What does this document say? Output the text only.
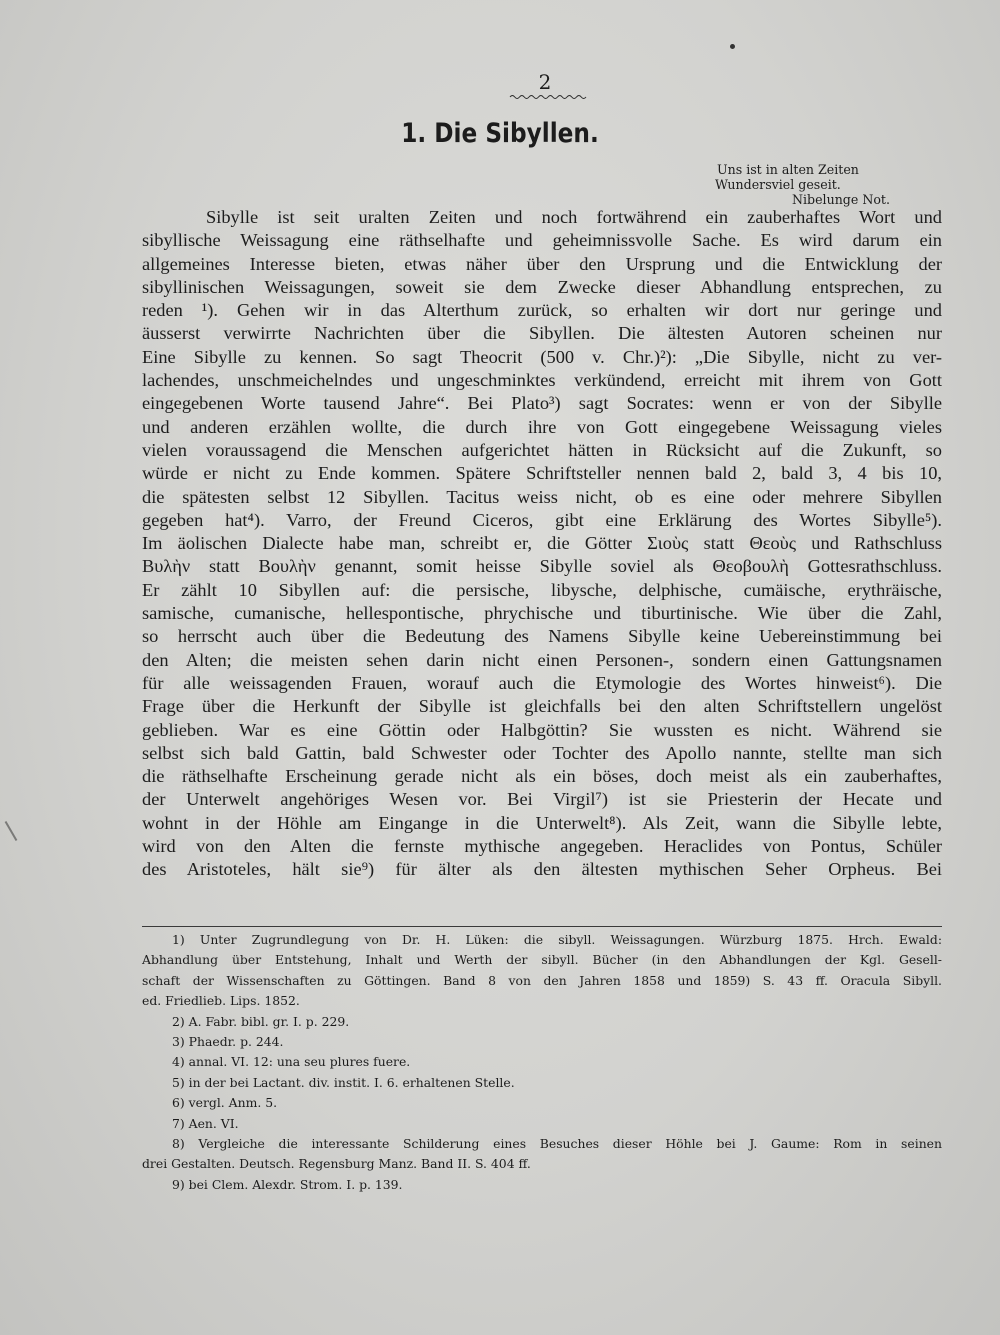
2
1. Die Sibyllen.
Uns ist in alten Zeiten
Wundersviel geseit.
Nibelunge Not.
Sibylle ist seit uralten Zeiten und noch fortwährend ein zauberhaftes Wort und
sibyllische Weissagung eine räthselhafte und geheimnissvolle Sache. Es wird darum ein
allgemeines Interesse bieten, etwas näher über den Ursprung und die Entwicklung der
sibyllinischen Weissagungen, soweit sie dem Zwecke dieser Abhandlung entsprechen, zu
reden ¹). Gehen wir in das Alterthum zurück, so erhalten wir dort nur geringe und
äusserst verwirrte Nachrichten über die Sibyllen. Die ältesten Autoren scheinen nur
Eine Sibylle zu kennen. So sagt Theocrit (500 v. Chr.)²): „Die Sibylle, nicht zu ver-
lachendes, unschmeichelndes und ungeschminktes verkündend, erreicht mit ihrem von Gott
eingegebenen Worte tausend Jahre“. Bei Plato³) sagt Socrates: wenn er von der Sibylle
und anderen erzählen wollte, die durch ihre von Gott eingegebene Weissagung vieles
vielen voraussagend die Menschen aufgerichtet hätten in Rücksicht auf die Zukunft, so
würde er nicht zu Ende kommen. Spätere Schriftsteller nennen bald 2, bald 3, 4 bis 10,
die spätesten selbst 12 Sibyllen. Tacitus weiss nicht, ob es eine oder mehrere Sibyllen
gegeben hat⁴). Varro, der Freund Ciceros, gibt eine Erklärung des Wortes Sibylle⁵).
Im äolischen Dialecte habe man, schreibt er, die Götter Σιοὺς statt Θεοὺς und Rathschluss
Βυλὴν statt Βουλὴν genannt, somit heisse Sibylle soviel als Θεοβουλὴ Gottesrathschluss.
Er zählt 10 Sibyllen auf: die persische, libysche, delphische, cumäische, erythräische,
samische, cumanische, hellespontische, phrychische und tiburtinische. Wie über die Zahl,
so herrscht auch über die Bedeutung des Namens Sibylle keine Uebereinstimmung bei
den Alten; die meisten sehen darin nicht einen Personen-, sondern einen Gattungsnamen
für alle weissagenden Frauen, worauf auch die Etymologie des Wortes hinweist⁶). Die
Frage über die Herkunft der Sibylle ist gleichfalls bei den alten Schriftstellern ungelöst
geblieben. War es eine Göttin oder Halbgöttin? Sie wussten es nicht. Während sie
selbst sich bald Gattin, bald Schwester oder Tochter des Apollo nannte, stellte man sich
die räthselhafte Erscheinung gerade nicht als ein böses, doch meist als ein zauberhaftes,
der Unterwelt angehöriges Wesen vor. Bei Virgil⁷) ist sie Priesterin der Hecate und
wohnt in der Höhle am Eingange in die Unterwelt⁸). Als Zeit, wann die Sibylle lebte,
wird von den Alten die fernste mythische angegeben. Heraclides von Pontus, Schüler
des Aristoteles, hält sie⁹) für älter als den ältesten mythischen Seher Orpheus. Bei
1) Unter Zugrundlegung von Dr. H. Lüken: die sibyll. Weissagungen. Würzburg 1875. Hrch. Ewald:
Abhandlung über Entstehung, Inhalt und Werth der sibyll. Bücher (in den Abhandlungen der Kgl. Gesell-
schaft der Wissenschaften zu Göttingen. Band 8 von den Jahren 1858 und 1859) S. 43 ff. Oracula Sibyll.
ed. Friedlieb. Lips. 1852.
2) A. Fabr. bibl. gr. I. p. 229.
3) Phaedr. p. 244.
4) annal. VI. 12: una seu plures fuere.
5) in der bei Lactant. div. instit. I. 6. erhaltenen Stelle.
6) vergl. Anm. 5.
7) Aen. VI.
8) Vergleiche die interessante Schilderung eines Besuches dieser Höhle bei J. Gaume: Rom in seinen
drei Gestalten. Deutsch. Regensburg Manz. Band II. S. 404 ff.
9) bei Clem. Alexdr. Strom. I. p. 139.
